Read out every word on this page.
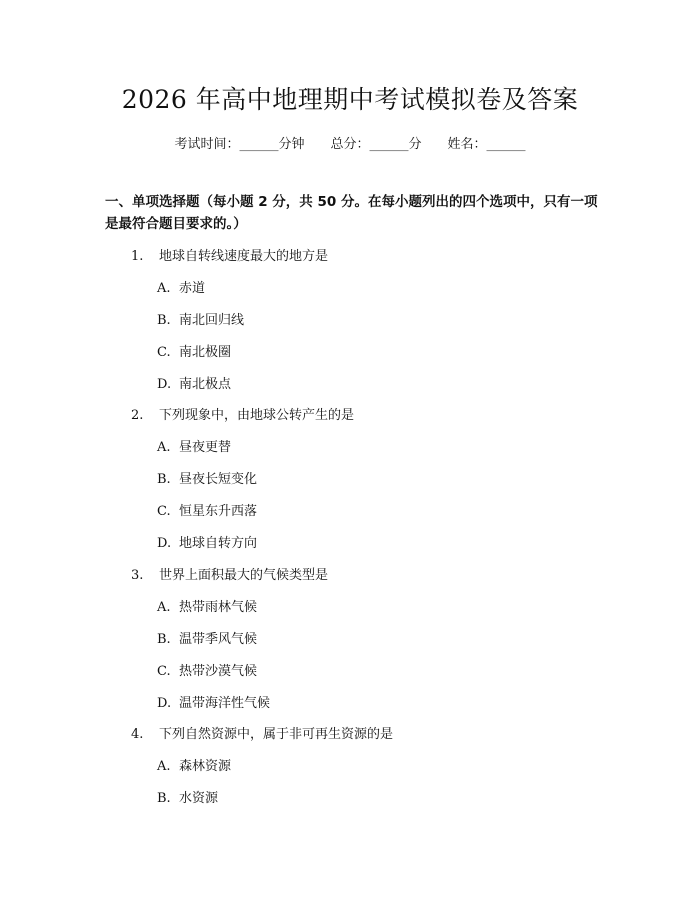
2026 年高中地理期中考试模拟卷及答案
考试时间：______分钟 总分：______分 姓名：______
一、单项选择题（每小题 2 分，共 50 分。在每小题列出的四个选项中，只有一项是最符合题目要求的。）
1. 地球自转线速度最大的地方是
A. 赤道
B. 南北回归线
C. 南北极圈
D. 南北极点
2. 下列现象中，由地球公转产生的是
A. 昼夜更替
B. 昼夜长短变化
C. 恒星东升西落
D. 地球自转方向
3. 世界上面积最大的气候类型是
A. 热带雨林气候
B. 温带季风气候
C. 热带沙漠气候
D. 温带海洋性气候
4. 下列自然资源中，属于非可再生资源的是
A. 森林资源
B. 水资源
